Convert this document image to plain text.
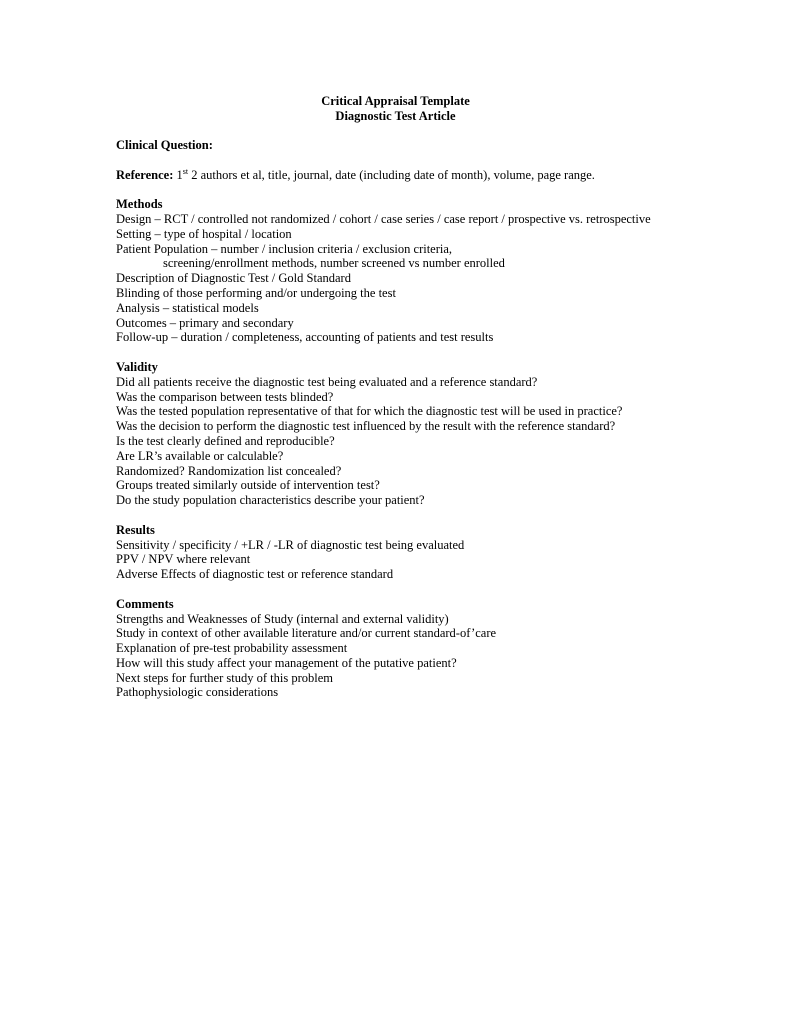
Critical Appraisal Template
Diagnostic Test Article
Clinical Question:
Reference: 1st 2 authors et al, title, journal, date (including date of month), volume, page range.
Methods
Design – RCT / controlled not randomized / cohort / case series / case report / prospective vs. retrospective
Setting – type of hospital / location
Patient Population – number / inclusion criteria / exclusion criteria,
screening/enrollment methods, number screened vs number enrolled
Description of Diagnostic Test / Gold Standard
Blinding of those performing and/or undergoing the test
Analysis – statistical models
Outcomes – primary and secondary
Follow-up – duration / completeness, accounting of patients and test results
Validity
Did all patients receive the diagnostic test being evaluated and a reference standard?
Was the comparison between tests blinded?
Was the tested population representative of that for which the diagnostic test will be used in practice?
Was the decision to perform the diagnostic test influenced by the result with the reference standard?
Is the test clearly defined and reproducible?
Are LR’s available or calculable?
Randomized? Randomization list concealed?
Groups treated similarly outside of intervention test?
Do the study population characteristics describe your patient?
Results
Sensitivity / specificity / +LR / -LR of diagnostic test being evaluated
PPV / NPV where relevant
Adverse Effects of diagnostic test or reference standard
Comments
Strengths and Weaknesses of Study (internal and external validity)
Study in context of other available literature and/or current standard-of’care
Explanation of pre-test probability assessment
How will this study affect your management of the putative patient?
Next steps for further study of this problem
Pathophysiologic considerations
